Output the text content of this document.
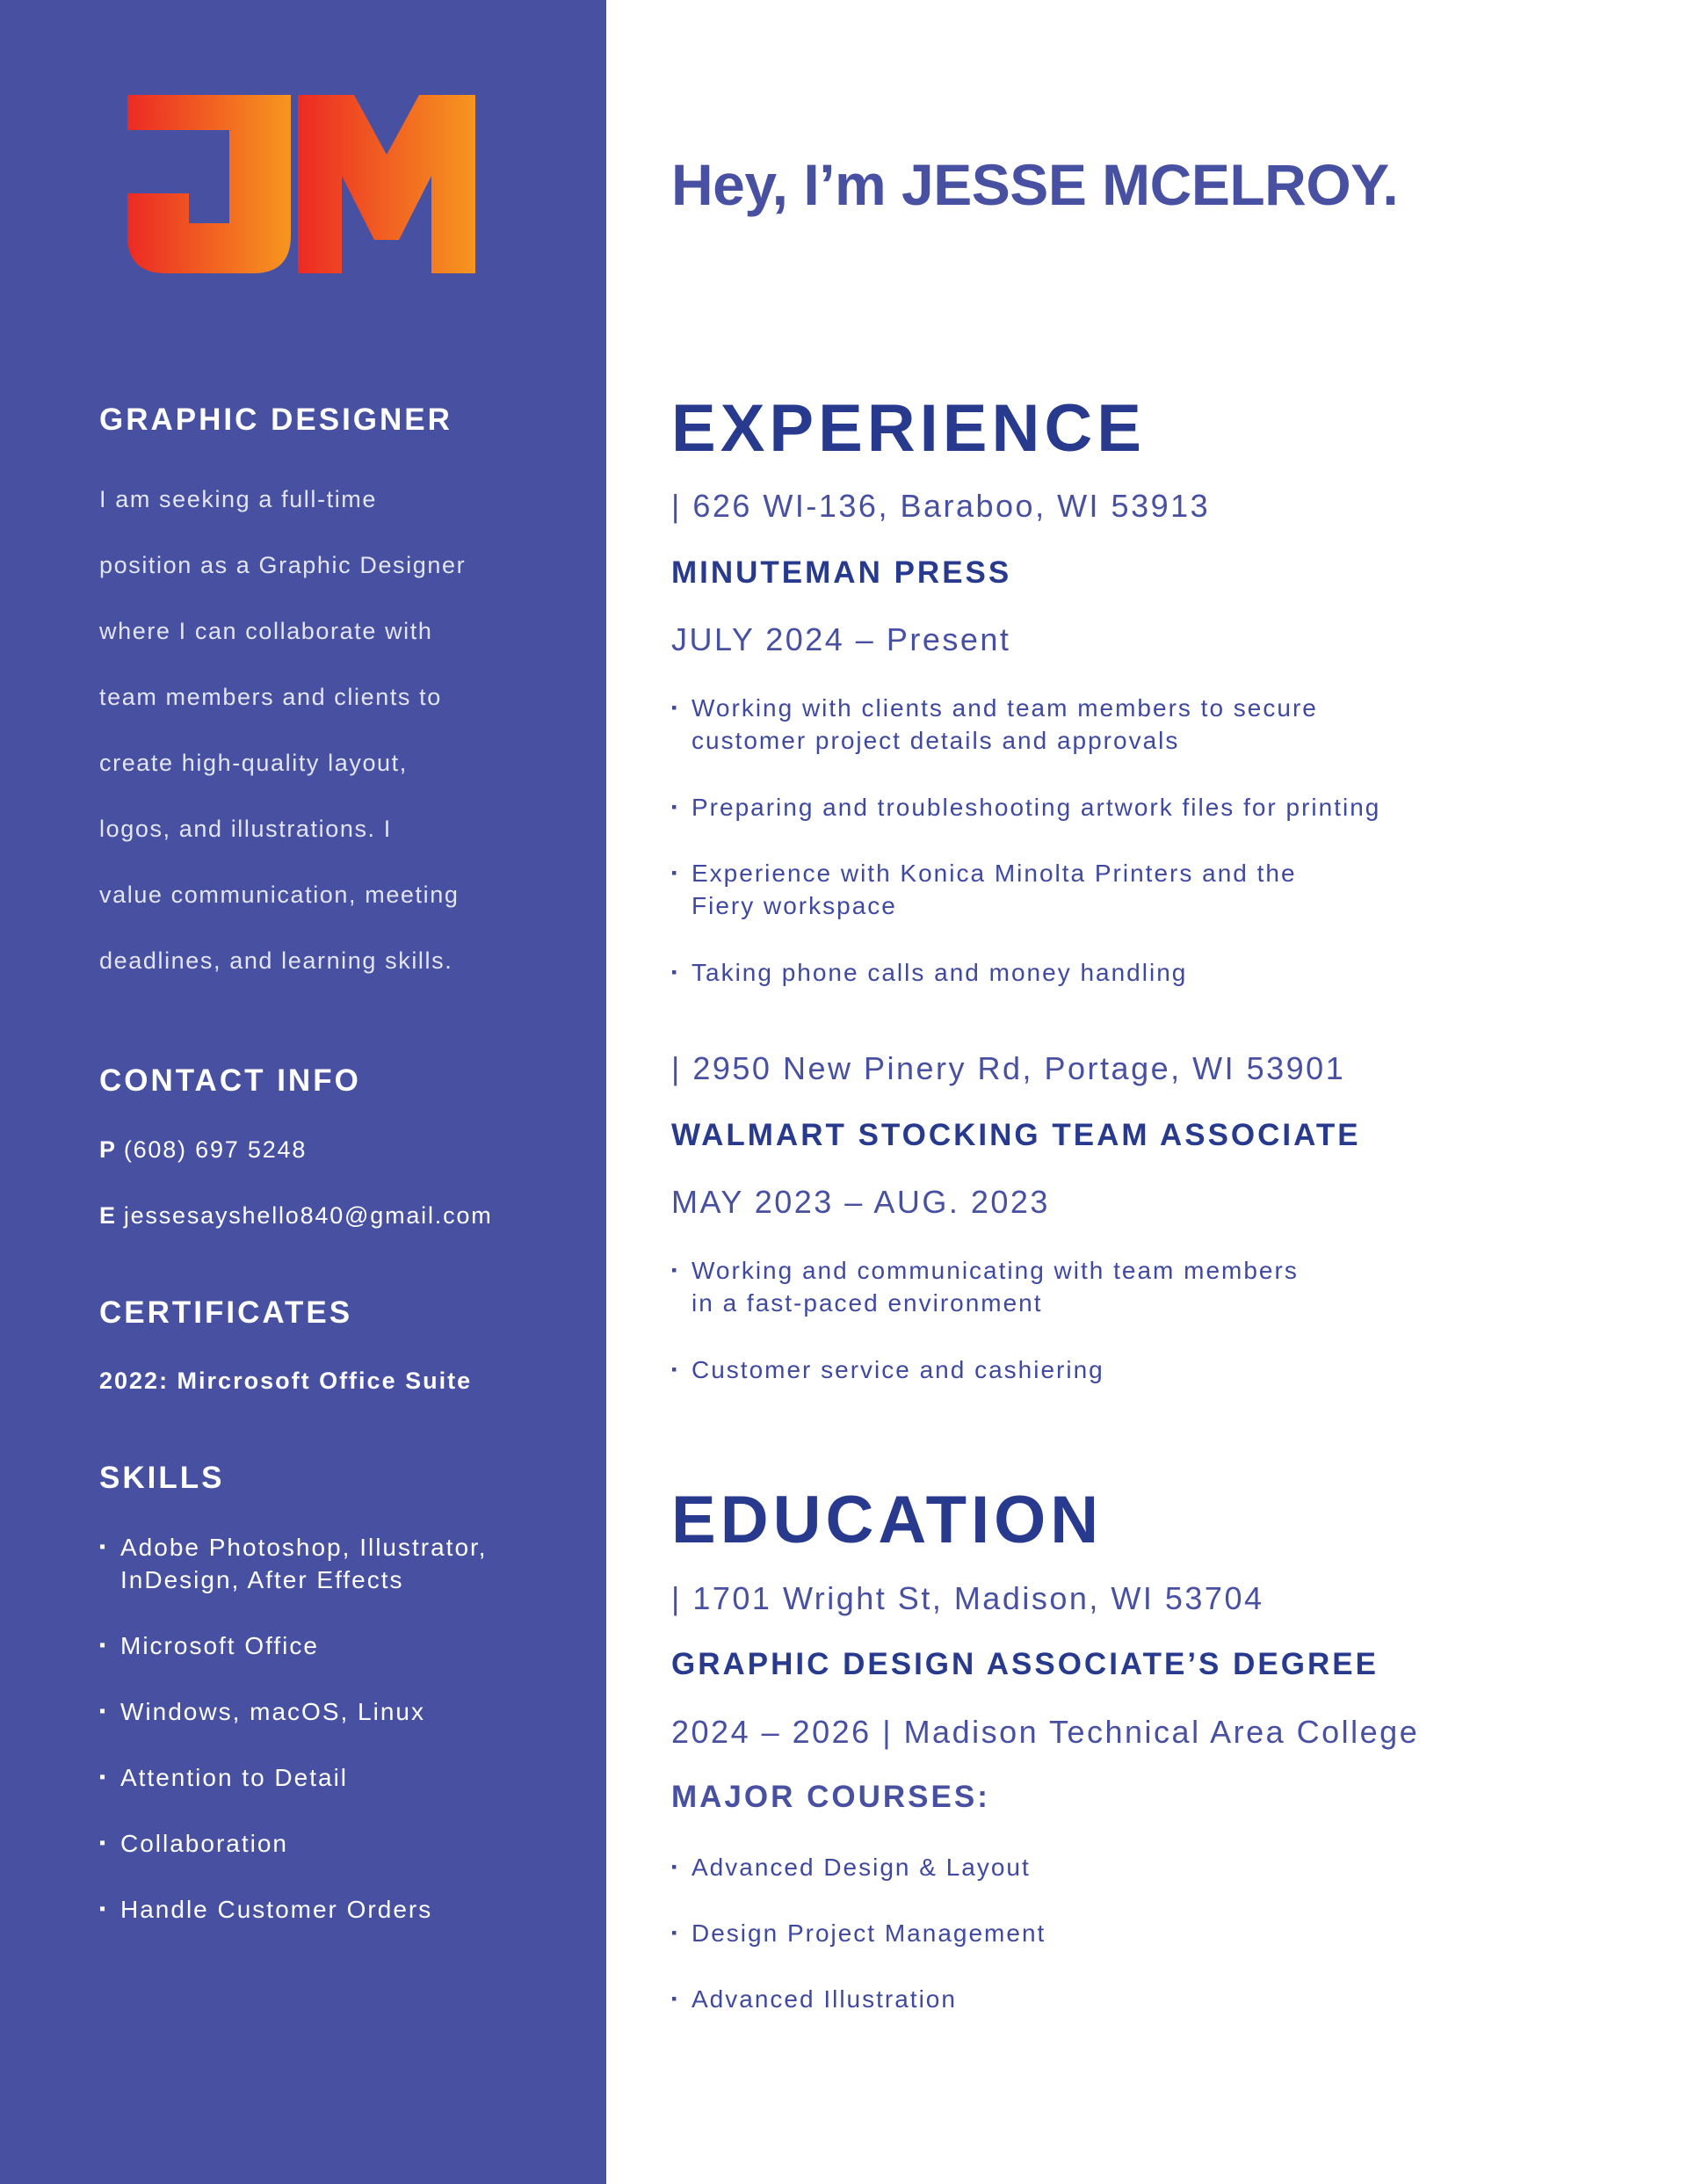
GRAPHIC DESIGNER
I am seeking a full-time
position as a Graphic Designer
where I can collaborate with
team members and clients to
create high-quality layout,
logos, and illustrations. I
value communication, meeting
deadlines, and learning skills.
CONTACT INFO
P (608) 697 5248
E jessesayshello840@gmail.com
CERTIFICATES
2022: Mircrosoft Office Suite
SKILLS
▪ Adobe Photoshop, Illustrator,
InDesign, After Effects
▪ Microsoft Office
▪ Windows, macOS, Linux
▪ Attention to Detail
▪ Collaboration
▪ Handle Customer Orders
Hey, I’m JESSE MCELROY.
EXPERIENCE
| 626 WI-136, Baraboo, WI 53913
MINUTEMAN PRESS
JULY 2024 – Present
▪ Working with clients and team members to secure
customer project details and approvals
▪ Preparing and troubleshooting artwork files for printing
▪ Experience with Konica Minolta Printers and the
Fiery workspace
▪ Taking phone calls and money handling
| 2950 New Pinery Rd, Portage, WI 53901
WALMART STOCKING TEAM ASSOCIATE
MAY 2023 – AUG. 2023
▪ Working and communicating with team members
in a fast-paced environment
▪ Customer service and cashiering
EDUCATION
| 1701 Wright St, Madison, WI 53704
GRAPHIC DESIGN ASSOCIATE’S DEGREE
2024 – 2026 | Madison Technical Area College
MAJOR COURSES:
▪ Advanced Design & Layout
▪ Design Project Management
▪ Advanced Illustration
